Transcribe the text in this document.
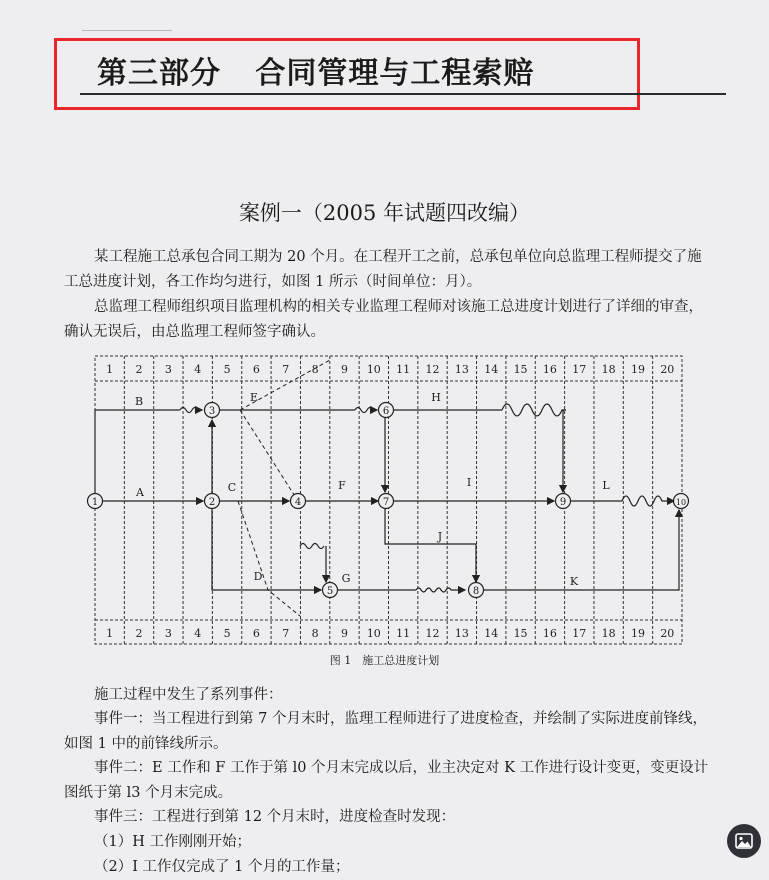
第三部分   合同管理与工程索赔
案例一（2005 年试题四改编）

某工程施工总承包合同工期为 20 个月。在工程开工之前，总承包单位向总监理工程师提交了施工总进度计划，各工作均匀进行，如图 1 所示（时间单位：月）。

总监理工程师组织项目监理机构的相关专业监理工程师对该施工总进度计划进行了详细的审查，确认无误后，由总监理工程师签字确认。

1 2 3 4 5 6 7 8 9 10 11 12 13 14 15 16 17 18 19 20
1 2 3 4 5 6 7 8 9 10 11 12 13 14 15 16 17 18 19 20
1	2
3
4
5
6
7
8
9	10
A
B
C
D
E
F
G
H
I
J
K
L
图 1　施工总进度计划

施工过程中发生了系列事件：

事件一：当工程进行到第 7 个月末时，监理工程师进行了进度检查，并绘制了实际进度前锋线，如图 1 中的前锋线所示。

事件二：E 工作和 F 工作于第 l0 个月末完成以后，业主决定对 K 工作进行设计变更，变更设计图纸于第 l3 个月末完成。

事件三：工程进行到第 12 个月末时，进度检查时发现：

（1）H 工作刚刚开始；

（2）I 工作仅完成了 1 个月的工作量；
